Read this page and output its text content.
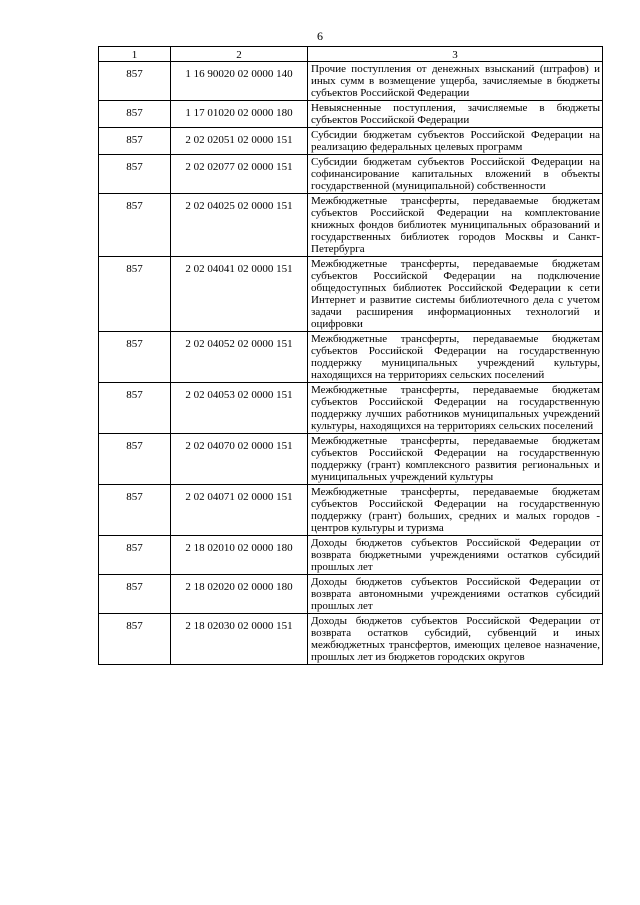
6
1	2	3
857	1 16 90020 02 0000 140	Прочие поступления от денежных взысканий (штрафов) и иных сумм в возмещение ущерба, зачисляемые в бюджеты субъектов Российской Федерации
857	1 17 01020 02 0000 180	Невыясненные поступления, зачисляемые в бюджеты субъектов Российской Федерации
857	2 02 02051 02 0000 151	Субсидии бюджетам субъектов Российской Федерации на реализацию федеральных целевых программ
857	2 02 02077 02 0000 151	Субсидии бюджетам субъектов Российской Федерации на софинансирование капитальных вложений в объекты государственной (муниципальной) собственности
857	2 02 04025 02 0000 151	Межбюджетные трансферты, передаваемые бюджетам субъектов Российской Федерации на комплектование книжных фондов библиотек муниципальных образований и государственных библиотек городов Москвы и Санкт-Петербурга
857	2 02 04041 02 0000 151	Межбюджетные трансферты, передаваемые бюджетам субъектов Российской Федерации на подключение общедоступных библиотек Российской Федерации к сети Интернет и развитие системы библиотечного дела с учетом задачи расширения информационных технологий и оцифровки
857	2 02 04052 02 0000 151	Межбюджетные трансферты, передаваемые бюджетам субъектов Российской Федерации на государственную поддержку муниципальных учреждений культуры, находящихся на территориях сельских поселений
857	2 02 04053 02 0000 151	Межбюджетные трансферты, передаваемые бюджетам субъектов Российской Федерации на государственную поддержку лучших работников муниципальных учреждений культуры, находящихся на территориях сельских поселений
857	2 02 04070 02 0000 151	Межбюджетные трансферты, передаваемые бюджетам субъектов Российской Федерации на государственную поддержку (грант) комплексного развития региональных и муниципальных учреждений культуры
857	2 02 04071 02 0000 151	Межбюджетные трансферты, передаваемые бюджетам субъектов Российской Федерации на государственную поддержку (грант) больших, средних и малых городов - центров культуры и туризма
857	2 18 02010 02 0000 180	Доходы бюджетов субъектов Российской Федерации от возврата бюджетными учреждениями остатков субсидий прошлых лет
857	2 18 02020 02 0000 180	Доходы бюджетов субъектов Российской Федерации от возврата автономными учреждениями остатков субсидий прошлых лет
857	2 18 02030 02 0000 151	Доходы бюджетов субъектов Российской Федерации от возврата остатков субсидий, субвенций и иных межбюджетных трансфертов, имеющих целевое назначение, прошлых лет из бюджетов городских округов
